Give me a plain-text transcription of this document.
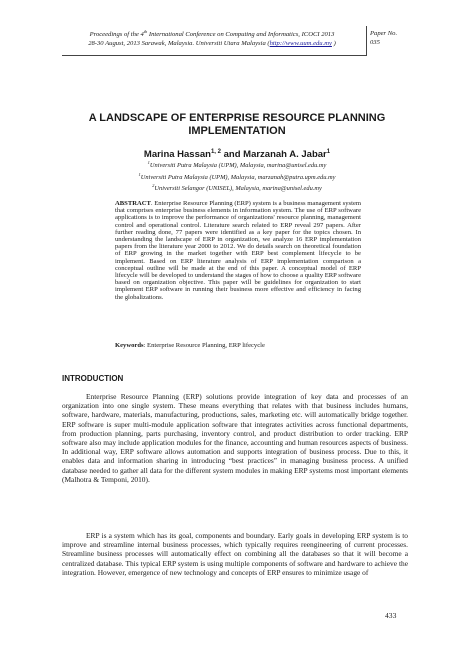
Proceedings of the 4th International Conference on Computing and Informatics, ICOCI 2013
28-30 August, 2013 Sarawak, Malaysia. Universiti Utara Malaysia (http://www.uum.edu.my )
Paper No.
035
A LANDSCAPE OF ENTERPRISE RESOURCE PLANNING IMPLEMENTATION
Marina Hassan$^{1, 2}$ and Marzanah A. Jabar$^1$
$^1$Universiti Putra Malaysia (UPM), Malaysia, marina@unisel.edu.my
$^1$Universiti Putra Malaysia (UPM), Malaysia, marzanah@putra.upm.edu.my
$^2$Universiti Selangor (UNISEL), Malaysia, marina@unisel.edu.my
ABSTRACT. Enterprise Resource Planning (ERP) system is a business management system that comprises enterprise business elements in information system. The use of ERP software applications is to improve the performance of organizations' resource planning, management control and operational control. Literature search related to ERP reveal 297 papers. After further reading done, 77 papers were identified as a key paper for the topics chosen. In understanding the landscape of ERP in organization, we analyze 16 ERP implementation papers from the literature year 2000 to 2012. We do details search on theoretical foundation of ERP growing in the market together with ERP best complement lifecycle to be implement. Based on ERP literature analysis of ERP implementation comparison a conceptual outline will be made at the end of this paper. A conceptual model of ERP lifecycle will be developed to understand the stages of how to choose a quality ERP software based on organization objective. This paper will be guidelines for organization to start implement ERP software in running their business more effective and efficiency in facing the globalizations.
Keywords: Enterprise Resource Planning, ERP lifecycle
INTRODUCTION
Enterprise Resource Planning (ERP) solutions provide integration of key data and processes of an organization into one single system. These means everything that relates with that business includes humans, software, hardware, materials, manufacturing, productions, sales, marketing etc. will automatically bridge together. ERP software is super multi-module application software that integrates activities across functional departments, from production planning, parts purchasing, inventory control, and product distribution to order tracking. ERP software also may include application modules for the finance, accounting and human resources aspects of business. In additional way, ERP software allows automation and supports integration of business process. Due to this, it enables data and information sharing in introducing “best practices” in managing business process. A unified database needed to gather all data for the different system modules in making ERP systems most important elements (Malhotra & Temponi, 2010).
ERP is a system which has its goal, components and boundary. Early goals in developing ERP system is to improve and streamline internal business processes, which typically requires reengineering of current processes. Streamline business processes will automatically effect on combining all the databases so that it will become a centralized database. This typical ERP system is using multiple components of software and hardware to achieve the integration. However, emergence of new technology and concepts of ERP ensures to minimize usage of
433
